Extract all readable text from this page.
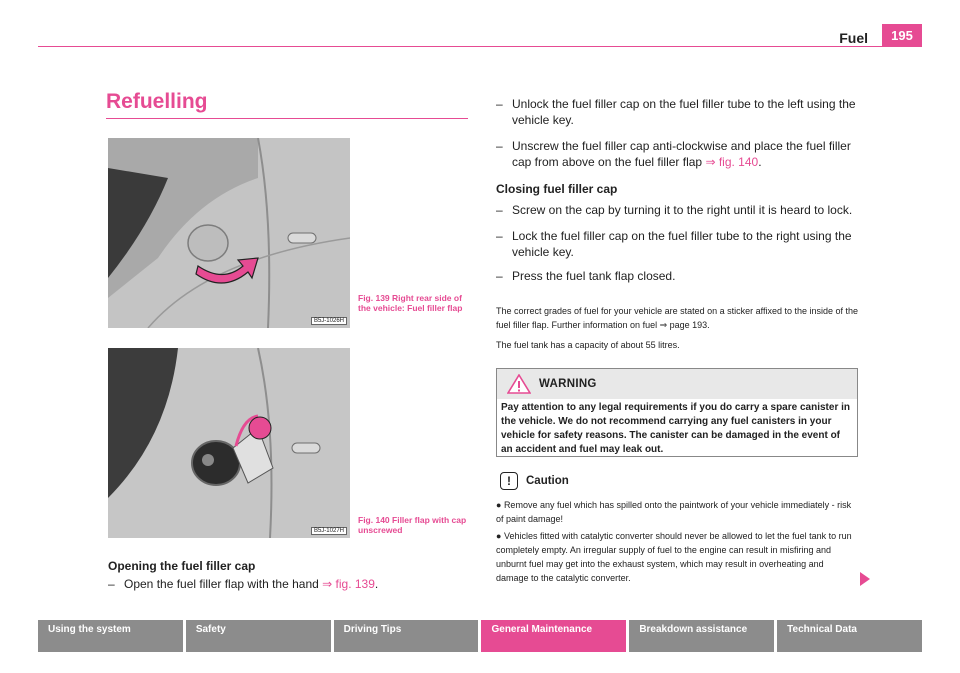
Fuel	195
Refuelling
B5J-1026H
Fig. 139 Right rear side of the vehicle: Fuel filler flap
B5J-1027H
Fig. 140 Filler flap with cap unscrewed
Opening the fuel filler cap
– Open the fuel filler flap with the hand ⇒ fig. 139.
– Unlock the fuel filler cap on the fuel filler tube to the left using the vehicle key.
– Unscrew the fuel filler cap anti-clockwise and place the fuel filler cap from above on the fuel filler flap ⇒ fig. 140.
Closing fuel filler cap
– Screw on the cap by turning it to the right until it is heard to lock.
– Lock the fuel filler cap on the fuel filler tube to the right using the vehicle key.
– Press the fuel tank flap closed.
The correct grades of fuel for your vehicle are stated on a sticker affixed to the inside of the fuel filler flap. Further information on fuel ⇒ page 193.
The fuel tank has a capacity of about 55 litres.
WARNING
Pay attention to any legal requirements if you do carry a spare canister in the vehicle. We do not recommend carrying any fuel canisters in your vehicle for safety reasons. The canister can be damaged in the event of an accident and fuel may leak out.
!	Caution
● Remove any fuel which has spilled onto the paintwork of your vehicle immediately - risk of paint damage!
● Vehicles fitted with catalytic converter should never be allowed to let the fuel tank to run completely empty. An irregular supply of fuel to the engine can result in misfiring and unburnt fuel may get into the exhaust system, which may result in overheating and damage to the catalytic converter.
Using the system	Safety	Driving Tips	General Maintenance	Breakdown assistance	Technical Data
